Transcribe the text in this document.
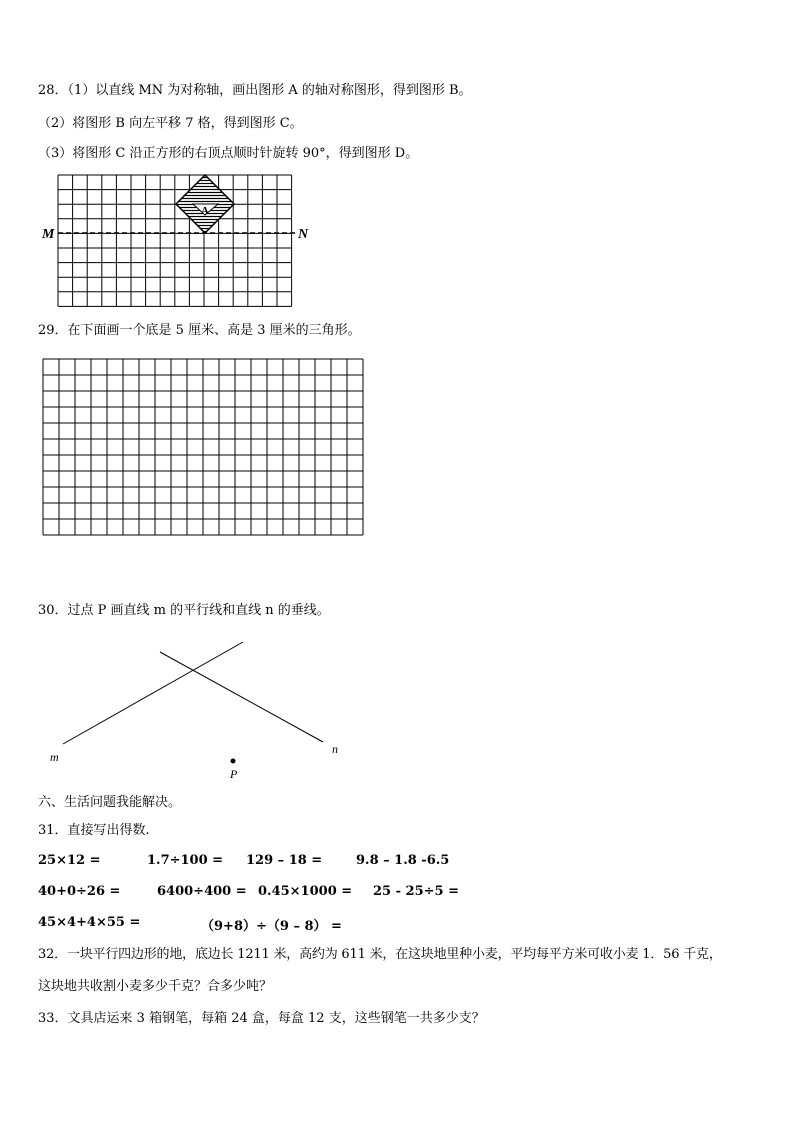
28．（1）以直线 MN 为对称轴，画出图形 A 的轴对称图形，得到图形 B。
（2）将图形 B 向左平移 7 格，得到图形 C。
（3）将图形 C 沿正方形的右顶点顺时针旋转 90°，得到图形 D。
A
M	N
29．在下面画一个底是 5 厘米、高是 3 厘米的三角形。
30．过点 P 画直线 m 的平行线和直线 n 的垂线。
m
n
P
六、生活问题我能解决。
31．直接写出得数.
25×12 =	1.7÷100 = 129 – 18 =	9.8 – 1.8 -6.5
40+0÷26 =	6400÷400 = 0.45×1000 = 25 - 25÷5 =
45×4+4×55 =	（9+8）÷（9 – 8） =
32．一块平行四边形的地，底边长 1211 米，高约为 611 米，在这块地里种小麦，平均每平方米可收小麦 1．56 千克，
这块地共收割小麦多少千克？合多少吨？
33．文具店运来 3 箱钢笔，每箱 24 盒，每盒 12 支，这些钢笔一共多少支？
